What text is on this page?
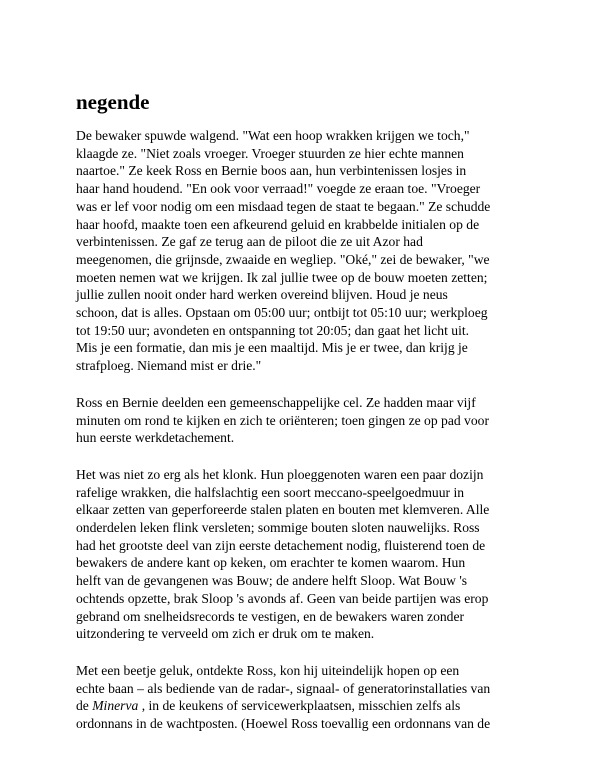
negende

De bewaker spuwde walgend. "Wat een hoop wrakken krijgen we toch,"
klaagde ze. "Niet zoals vroeger. Vroeger stuurden ze hier echte mannen
naartoe." Ze keek Ross en Bernie boos aan, hun verbintenissen losjes in
haar hand houdend. "En ook voor verraad!" voegde ze eraan toe. "Vroeger
was er lef voor nodig om een misdaad tegen de staat te begaan." Ze schudde
haar hoofd, maakte toen een afkeurend geluid en krabbelde initialen op de
verbintenissen. Ze gaf ze terug aan de piloot die ze uit Azor had
meegenomen, die grijnsde, zwaaide en wegliep. "Oké," zei de bewaker, "we
moeten nemen wat we krijgen. Ik zal jullie twee op de bouw moeten zetten;
jullie zullen nooit onder hard werken overeind blijven. Houd je neus
schoon, dat is alles. Opstaan om 05:00 uur; ontbijt tot 05:10 uur; werkploeg
tot 19:50 uur; avondeten en ontspanning tot 20:05; dan gaat het licht uit.
Mis je een formatie, dan mis je een maaltijd. Mis je er twee, dan krijg je
strafploeg. Niemand mist er drie."

Ross en Bernie deelden een gemeenschappelijke cel. Ze hadden maar vijf
minuten om rond te kijken en zich te oriënteren; toen gingen ze op pad voor
hun eerste werkdetachement.

Het was niet zo erg als het klonk. Hun ploeggenoten waren een paar dozijn
rafelige wrakken, die halfslachtig een soort meccano-speelgoedmuur in
elkaar zetten van geperforeerde stalen platen en bouten met klemveren. Alle
onderdelen leken flink versleten; sommige bouten sloten nauwelijks. Ross
had het grootste deel van zijn eerste detachement nodig, fluisterend toen de
bewakers de andere kant op keken, om erachter te komen waarom. Hun
helft van de gevangenen was Bouw; de andere helft Sloop. Wat Bouw 's
ochtends opzette, brak Sloop 's avonds af. Geen van beide partijen was erop
gebrand om snelheidsrecords te vestigen, en de bewakers waren zonder
uitzondering te verveeld om zich er druk om te maken.

Met een beetje geluk, ontdekte Ross, kon hij uiteindelijk hopen op een
echte baan – als bediende van de radar-, signaal- of generatorinstallaties van
de Minerva , in de keukens of servicewerkplaatsen, misschien zelfs als
ordonnans in de wachtposten. (Hoewel Ross toevallig een ordonnans van de
